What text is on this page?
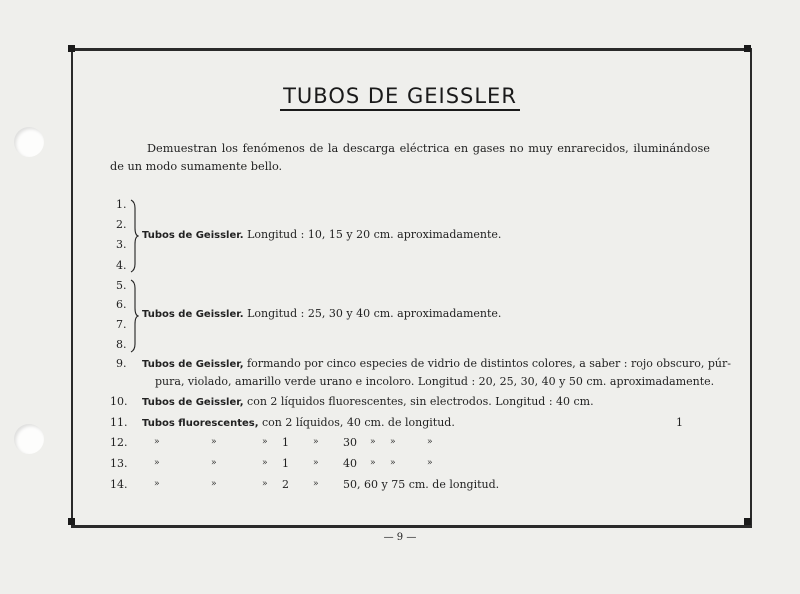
TUBOS DE GEISSLER
Demuestran los fenómenos de la descarga eléctrica en gases no muy enrarecidos, iluminándose de un modo sumamente bello.
1.
2.
3.
4.
Tubos de Geissler. Longitud : 10, 15 y 20 cm. aproximadamente.
5.
6.
7.
8.
Tubos de Geissler. Longitud : 25, 30 y 40 cm. aproximadamente.
9. Tubos de Geissler, formando por cinco especies de vidrio de distintos colores, a saber : rojo obscuro, púr-
pura, violado, amarillo verde urano e incoloro. Longitud : 20, 25, 30, 40 y 50 cm. aproximadamente.
10. Tubos de Geissler, con 2 líquidos fluorescentes, sin electrodos. Longitud : 40 cm.
11. Tubos fluorescentes, con 2 líquidos, 40 cm. de longitud.	1
12.	»	»	» 1	» 30 » »	»
13.	»	»	» 1	» 40 » »	»
14.	»	»	» 2	» 50, 60 y 75 cm. de longitud.
— 9 —
